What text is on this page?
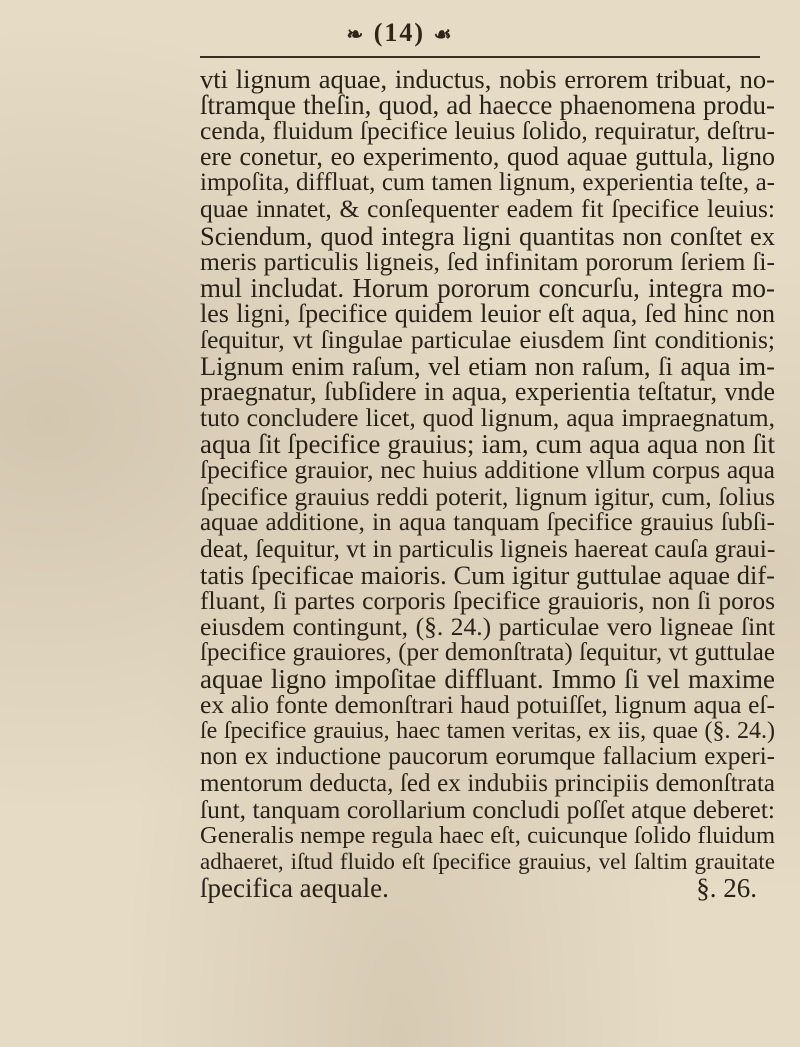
❧ (14) ☙
vti lignum aquae, inductus, nobis errorem tribuat, no-
ſtramque theſin, quod, ad haecce phaenomena produ-
cenda, fluidum ſpecifice leuius ſolido, requiratur, deſtru-
ere conetur, eo experimento, quod aquae guttula, ligno
impoſita, diffluat, cum tamen lignum, experientia teſte, a-
quae innatet, & conſequenter eadem fit ſpecifice leuius:
Sciendum, quod integra ligni quantitas non conſtet ex
meris particulis ligneis, ſed infinitam pororum ſeriem ſi-
mul includat. Horum pororum concurſu, integra mo-
les ligni, ſpecifice quidem leuior eſt aqua, ſed hinc non
ſequitur, vt ſingulae particulae eiusdem ſint conditionis;
Lignum enim raſum, vel etiam non raſum, ſi aqua im-
praegnatur, ſubſidere in aqua, experientia teſtatur, vnde
tuto concludere licet, quod lignum, aqua impraegnatum,
aqua ſit ſpecifice grauius; iam, cum aqua aqua non ſit
ſpecifice grauior, nec huius additione vllum corpus aqua
ſpecifice grauius reddi poterit, lignum igitur, cum, ſolius
aquae additione, in aqua tanquam ſpecifice grauius ſubſi-
deat, ſequitur, vt in particulis ligneis haereat cauſa graui-
tatis ſpecificae maioris. Cum igitur guttulae aquae dif-
fluant, ſi partes corporis ſpecifice grauioris, non ſi poros
eiusdem contingunt, (§. 24.) particulae vero ligneae ſint
ſpecifice grauiores, (per demonſtrata) ſequitur, vt guttulae
aquae ligno impoſitae diffluant. Immo ſi vel maxime
ex alio fonte demonſtrari haud potuiſſet, lignum aqua eſ-
ſe ſpecifice grauius, haec tamen veritas, ex iis, quae (§. 24.)
non ex inductione paucorum eorumque fallacium experi-
mentorum deducta, ſed ex indubiis principiis demonſtrata
ſunt, tanquam corollarium concludi poſſet atque deberet:
Generalis nempe regula haec eſt, cuicunque ſolido fluidum
adhaeret, iſtud fluido eſt ſpecifice grauius, vel ſaltim grauitate
ſpecifica aequale.	§. 26.
